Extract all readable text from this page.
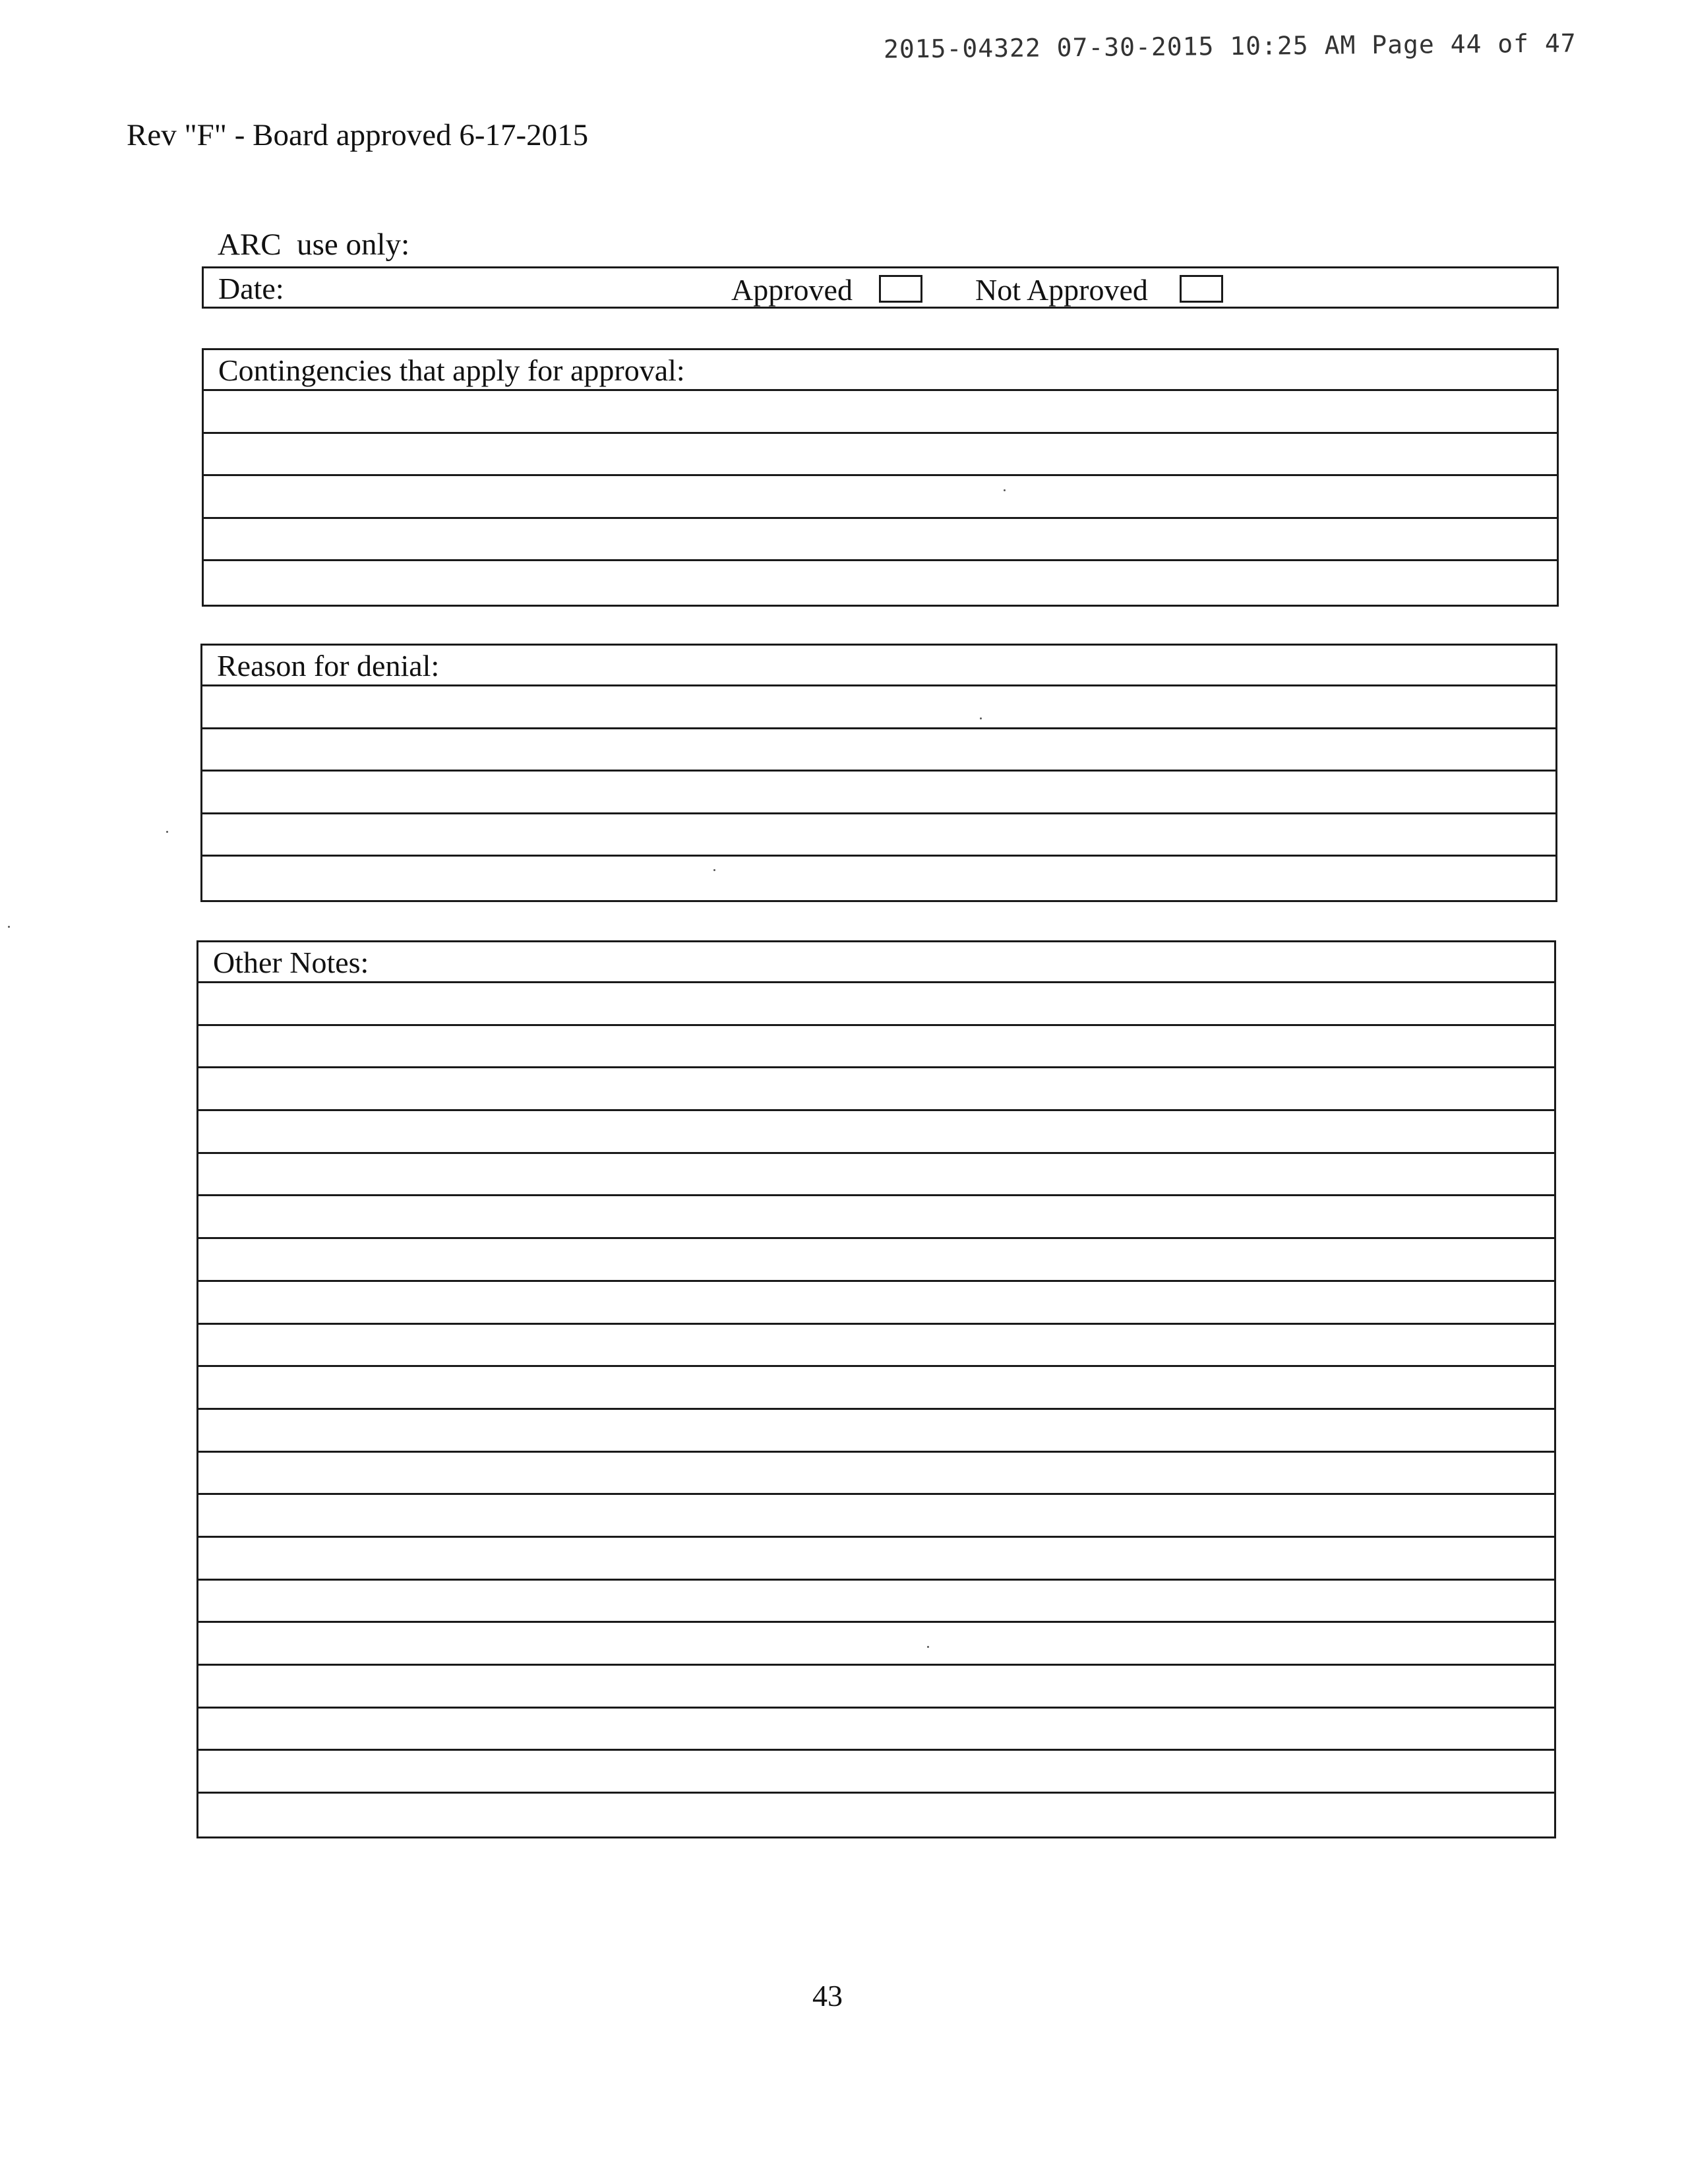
2015-04322 07-30-2015 10:25 AM Page 44 of 47
Rev "F" - Board approved 6-17-2015
ARC  use only:
Date:	Approved	Not Approved
Contingencies that apply for approval:
Reason for denial:
Other Notes:
43
